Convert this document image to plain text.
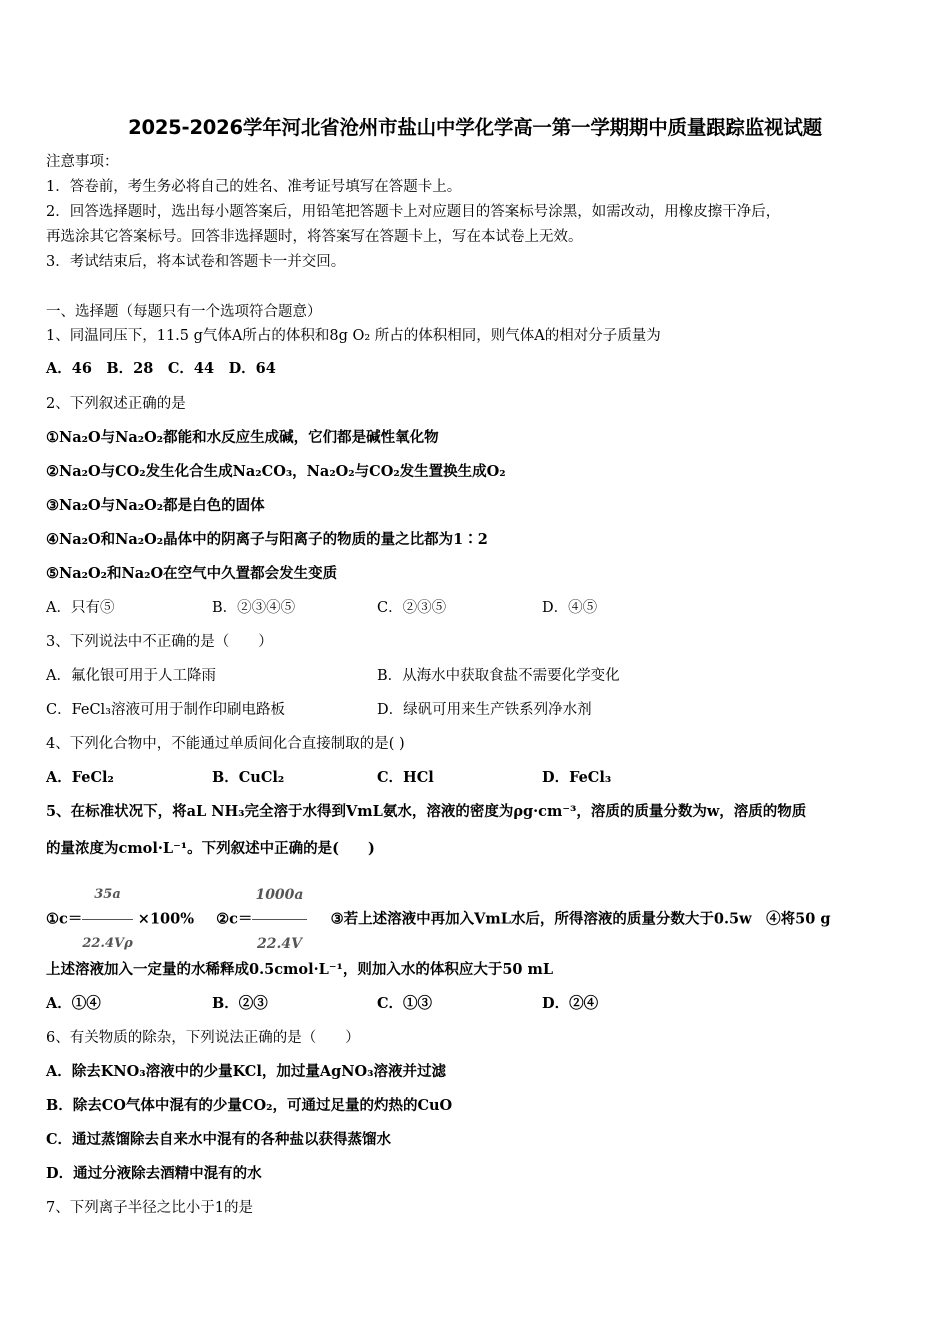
2025-2026学年河北省沧州市盐山中学化学高一第一学期期中质量跟踪监视试题
注意事项：
1．答卷前，考生务必将自己的姓名、准考证号填写在答题卡上。
2．回答选择题时，选出每小题答案后，用铅笔把答题卡上对应题目的答案标号涂黑，如需改动，用橡皮擦干净后，
再选涂其它答案标号。回答非选择题时，将答案写在答题卡上，写在本试卷上无效。
3．考试结束后，将本试卷和答题卡一并交回。
一、选择题（每题只有一个选项符合题意）
1、同温同压下，11.5 g气体A所占的体积和8g O₂ 所占的体积相同，则气体A的相对分子质量为
A．46　B．28　C．44　D．64
2、下列叙述正确的是
①Na₂O与Na₂O₂都能和水反应生成碱，它们都是碱性氧化物
②Na₂O与CO₂发生化合生成Na₂CO₃，Na₂O₂与CO₂发生置换生成O₂
③Na₂O与Na₂O₂都是白色的固体
④Na₂O和Na₂O₂晶体中的阴离子与阳离子的物质的量之比都为1∶2
⑤Na₂O₂和Na₂O在空气中久置都会发生变质
A．只有⑤	B．②③④⑤	C．②③⑤	D．④⑤
3、下列说法中不正确的是（　　）
A．氟化银可用于人工降雨	B．从海水中获取食盐不需要化学变化
C．FeCl₃溶液可用于制作印刷电路板	D．绿矾可用来生产铁系列净水剂
4、下列化合物中，不能通过单质间化合直接制取的是( )
A．FeCl₂	B．CuCl₂	C．HCl	D．FeCl₃
5、在标准状况下，将aL NH₃完全溶于水得到VmL氨水，溶液的密度为ρg·cm⁻³，溶质的质量分数为w，溶质的物质
的量浓度为cmol·L⁻¹。下列叙述中正确的是(　　)
①c＝ $\frac{35a}{22.4V\rho} \times 100\%$ ②c＝ $\frac{1000a}{22.4V}$ ③若上述溶液中再加入VmL水后，所得溶液的质量分数大于0.5w　④将50 g
上述溶液加入一定量的水稀释成0.5cmol·L⁻¹，则加入水的体积应大于50 mL
A．①④	B．②③	C．①③	D．②④
6、有关物质的除杂，下列说法正确的是（　　）
A．除去KNO₃溶液中的少量KCl，加过量AgNO₃溶液并过滤
B．除去CO气体中混有的少量CO₂，可通过足量的灼热的CuO
C．通过蒸馏除去自来水中混有的各种盐以获得蒸馏水
D．通过分液除去酒精中混有的水
7、下列离子半径之比小于1的是
